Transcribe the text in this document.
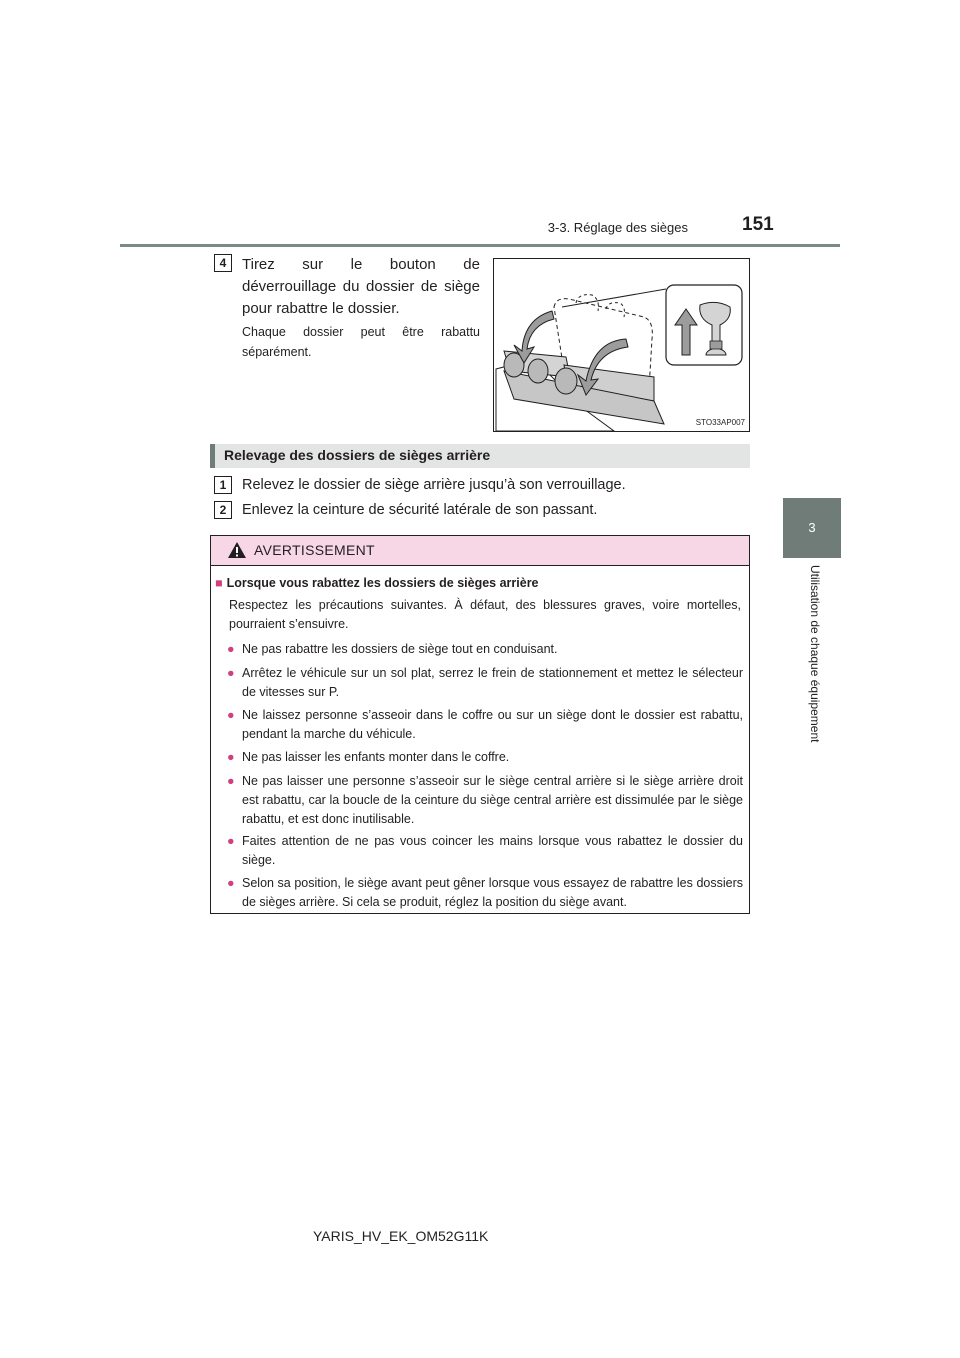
3-3. Réglage des sièges	151
3
Utilisation de chaque équipement
4	Tirez sur le bouton de
déverrouillage du dossier de siège
pour rabattre le dossier.
Chaque dossier peut être rabattu
séparément.
STO33AP007
Relevage des dossiers de sièges arrière
1	Relevez le dossier de siège arrière jusqu’à son verrouillage.
2	Enlevez la ceinture de sécurité latérale de son passant.
AVERTISSEMENT
■ Lorsque vous rabattez les dossiers de sièges arrière
Respectez les précautions suivantes. À défaut, des blessures graves, voire mortelles, pourraient s’ensuivre.
● Ne pas rabattre les dossiers de siège tout en conduisant.
● Arrêtez le véhicule sur un sol plat, serrez le frein de stationnement et mettez le sélecteur de vitesses sur P.
● Ne laissez personne s’asseoir dans le coffre ou sur un siège dont le dossier est rabattu, pendant la marche du véhicule.
● Ne pas laisser les enfants monter dans le coffre.
● Ne pas laisser une personne s’asseoir sur le siège central arrière si le siège arrière droit est rabattu, car la boucle de la ceinture du siège central arrière est dissimulée par le siège rabattu, et est donc inutilisable.
● Faites attention de ne pas vous coincer les mains lorsque vous rabattez le dossier du siège.
● Selon sa position, le siège avant peut gêner lorsque vous essayez de rabattre les dossiers de sièges arrière. Si cela se produit, réglez la position du siège avant.
YARIS_HV_EK_OM52G11K
